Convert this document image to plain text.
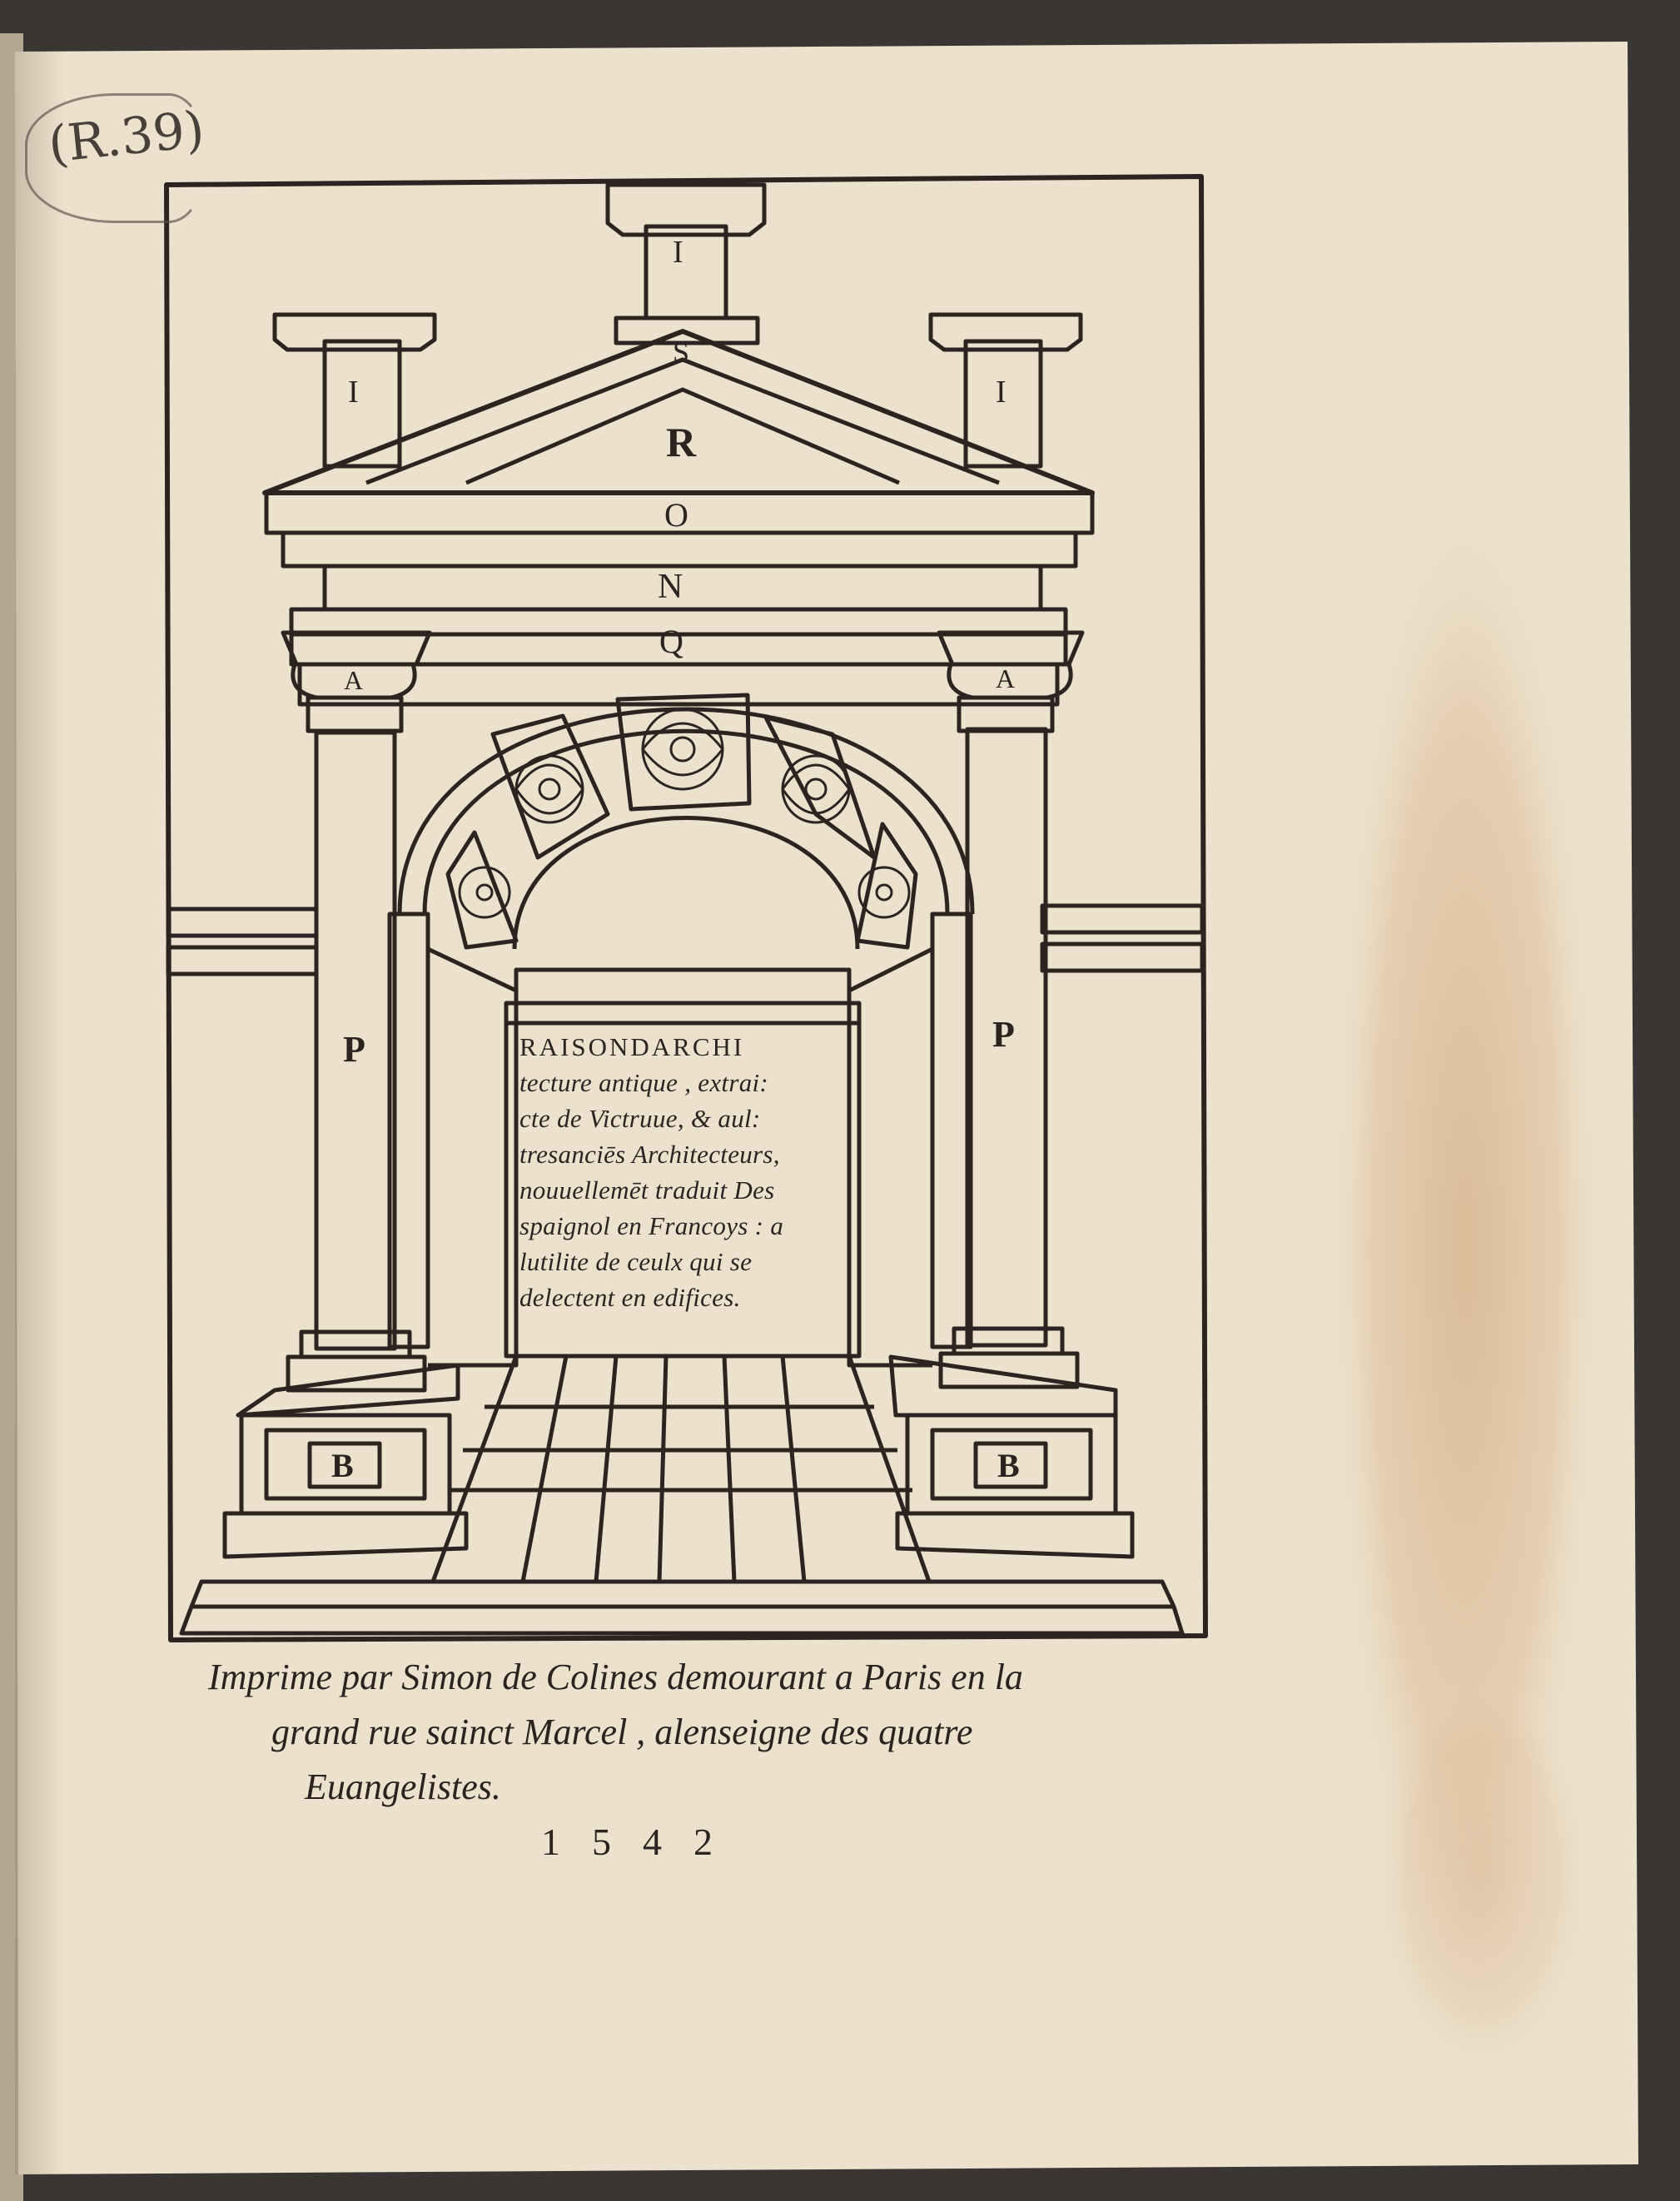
(R.39)
I
I	I
S
R
O
N
Q
A	A
P	P
B	B
RAISONDARCHI
tecture antique , extrai:
cte de Victruue, & aul:
tresanciēs Architecteurs,
nouuellemēt traduit Des
spaignol en Francoys : a
lutilite de ceulx qui se
delectent en edifices.
Imprime par Simon de Colines demourant a Paris en la
grand rue sainct Marcel , alenseigne des quatre
Euangelistes.
1542
